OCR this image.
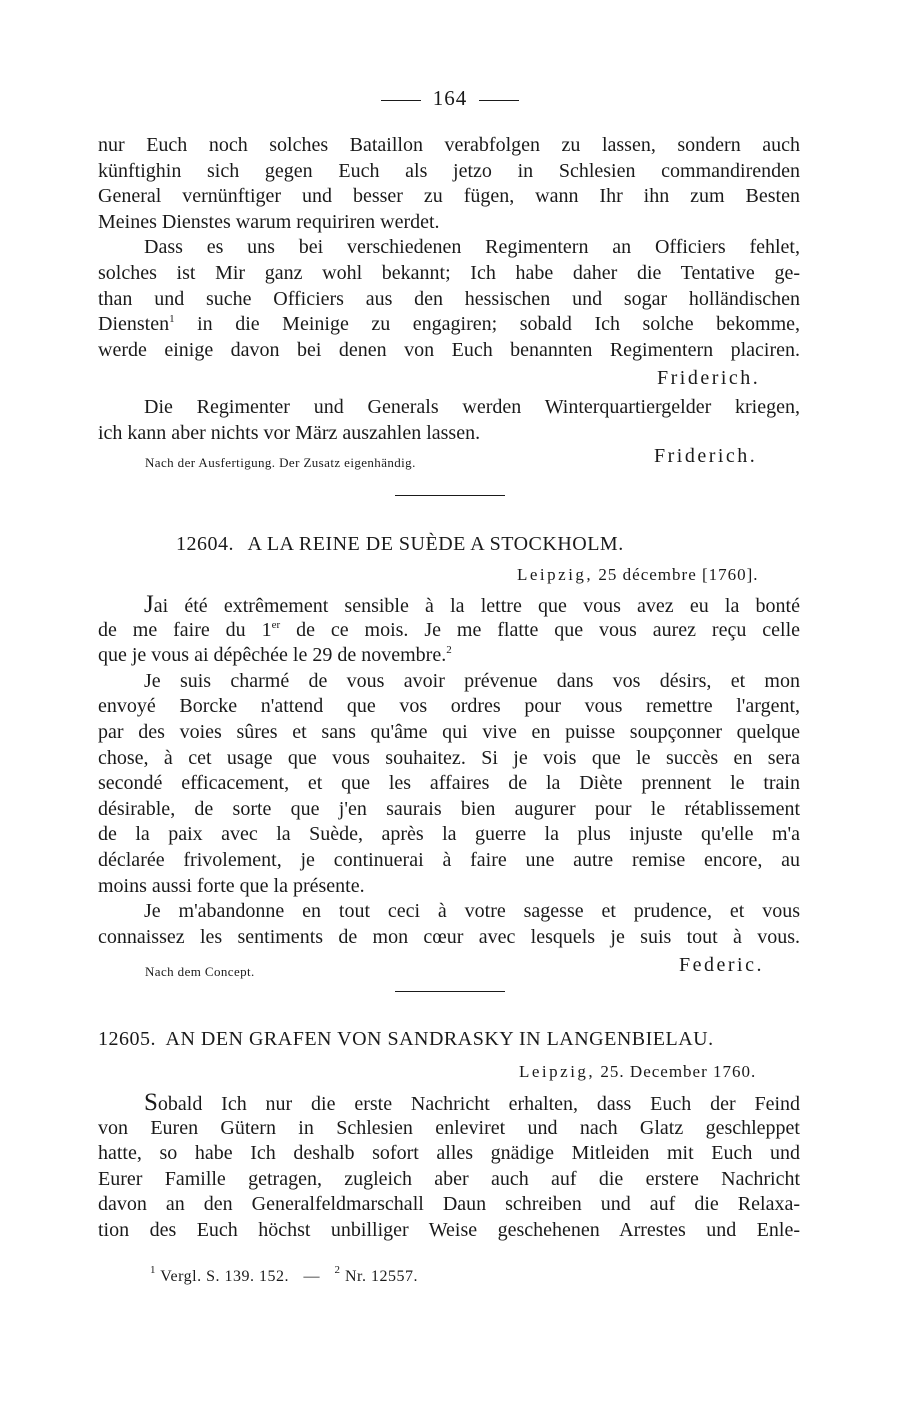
164
nur Euch noch solches Bataillon verabfolgen zu lassen, sondern auch
künftighin sich gegen Euch als jetzo in Schlesien commandirenden
General vernünftiger und besser zu fügen, wann Ihr ihn zum Besten
Meines Dienstes warum requiriren werdet.
Dass es uns bei verschiedenen Regimentern an Officiers fehlet,
solches ist Mir ganz wohl bekannt; Ich habe daher die Tentative ge-
than und suche Officiers aus den hessischen und sogar holländischen
Diensten$^1$ in die Meinige zu engagiren; sobald Ich solche bekomme,
werde einige davon bei denen von Euch benannten Regimentern placiren.
Friderich.
Die Regimenter und Generals werden Winterquartiergelder kriegen,
ich kann aber nichts vor März auszahlen lassen.
Nach der Ausfertigung. Der Zusatz eigenhändig.	Friderich.
12604. A LA REINE DE SUÈDE A STOCKHOLM.
Leipzig, 25 décembre [1760].
Jai été extrêmement sensible à la lettre que vous avez eu la bonté
de me faire du 1er de ce mois. Je me flatte que vous aurez reçu celle
que je vous ai dépêchée le 29 de novembre.$^2$
Je suis charmé de vous avoir prévenue dans vos désirs, et mon
envoyé Borcke n'attend que vos ordres pour vous remettre l'argent,
par des voies sûres et sans qu'âme qui vive en puisse soupçonner quelque
chose, à cet usage que vous souhaitez. Si je vois que le succès en sera
secondé efficacement, et que les affaires de la Diète prennent le train
désirable, de sorte que j'en saurais bien augurer pour le rétablissement
de la paix avec la Suède, après la guerre la plus injuste qu'elle m'a
déclarée frivolement, je continuerai à faire une autre remise encore, au
moins aussi forte que la présente.
Je m'abandonne en tout ceci à votre sagesse et prudence, et vous
connaissez les sentiments de mon cœur avec lesquels je suis tout à vous.
Nach dem Concept.	Federic.
12605. AN DEN GRAFEN VON SANDRASKY IN LANGENBIELAU.
Leipzig, 25. December 1760.
Sobald Ich nur die erste Nachricht erhalten, dass Euch der Feind
von Euren Gütern in Schlesien enleviret und nach Glatz geschleppet
hatte, so habe Ich deshalb sofort alles gnädige Mitleiden mit Euch und
Eurer Famille getragen, zugleich aber auch auf die erstere Nachricht
davon an den Generalfeldmarschall Daun schreiben und auf die Relaxa-
tion des Euch höchst unbilliger Weise geschehenen Arrestes und Enle-
$^1$ Vergl. S. 139. 152. — $^2$ Nr. 12557.
